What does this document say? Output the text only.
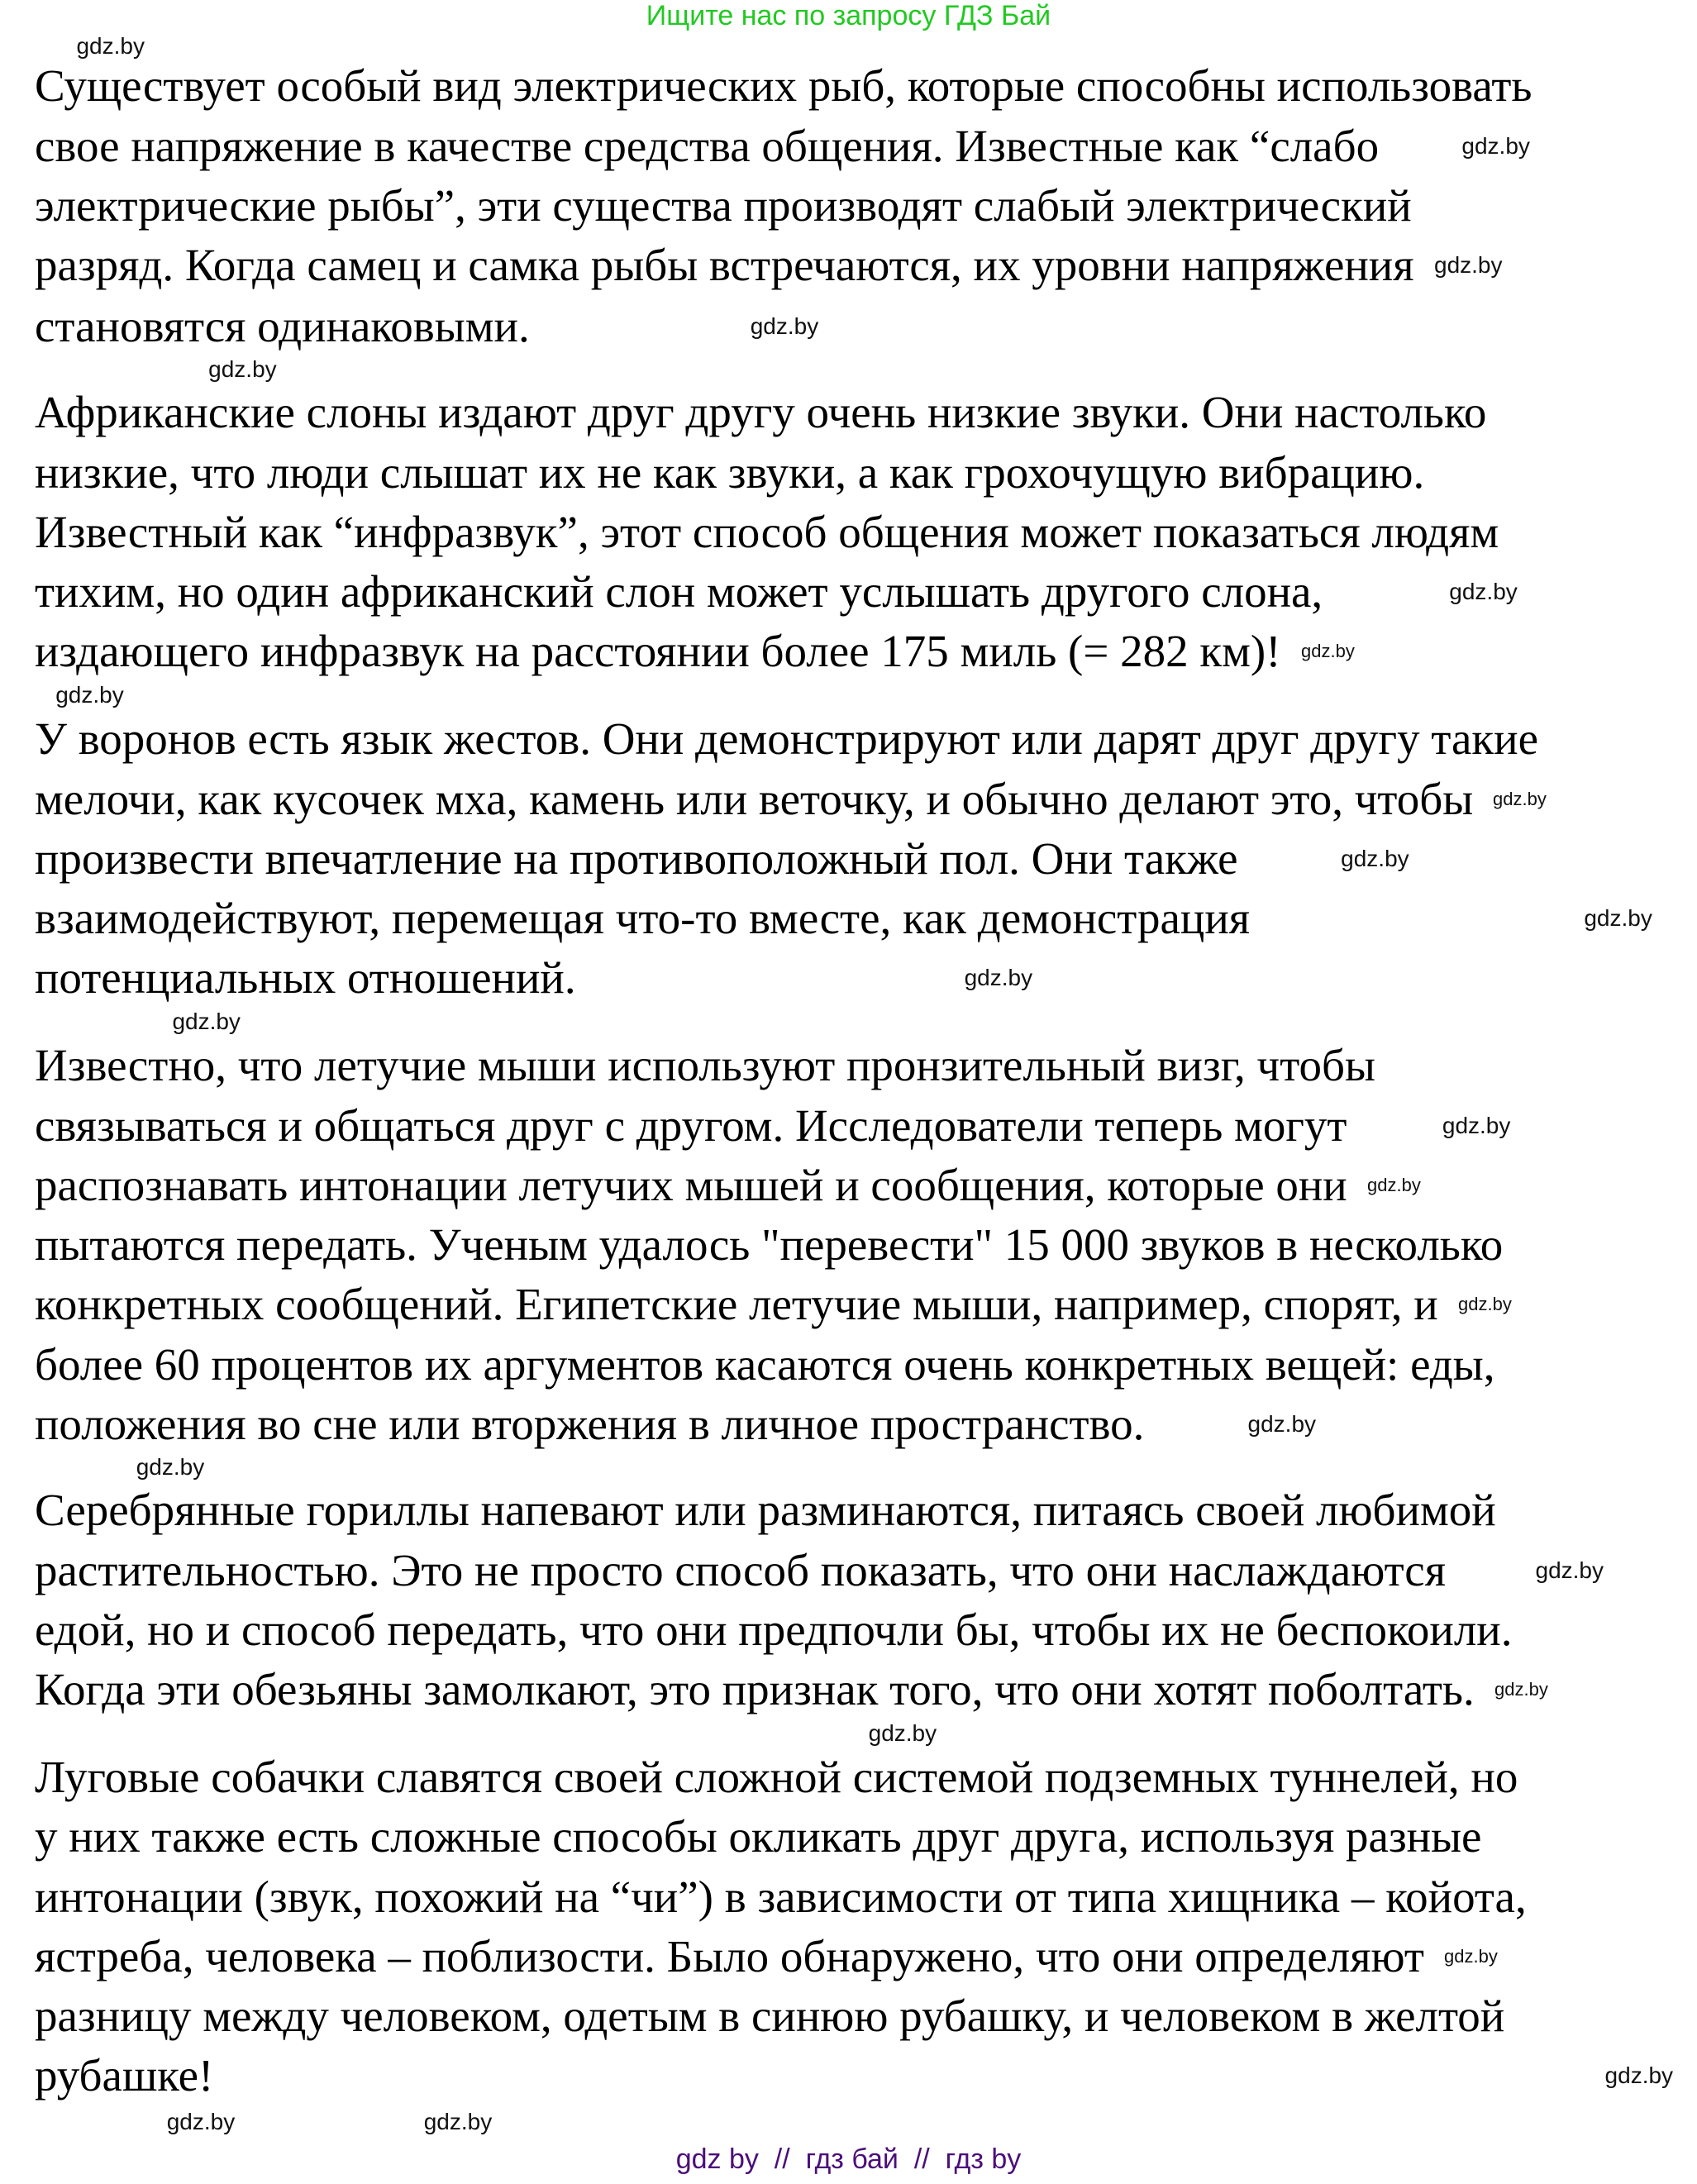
Ищите нас по запросу ГДЗ Бай
Существует особый вид электрических рыб, которые способны использовать
свое напряжение в качестве средства общения. Известные как “слабо
электрические рыбы”, эти существа производят слабый электрический
разряд. Когда самец и самка рыбы встречаются, их уровни напряжения
становятся одинаковыми.
Африканские слоны издают друг другу очень низкие звуки. Они настолько
низкие, что люди слышат их не как звуки, а как грохочущую вибрацию.
Известный как “инфразвук”, этот способ общения может показаться людям
тихим, но один африканский слон может услышать другого слона,
издающего инфразвук на расстоянии более 175 миль (= 282 км)!
У воронов есть язык жестов. Они демонстрируют или дарят друг другу такие
мелочи, как кусочек мха, камень или веточку, и обычно делают это, чтобы
произвести впечатление на противоположный пол. Они также
взаимодействуют, перемещая что-то вместе, как демонстрация
потенциальных отношений.
Известно, что летучие мыши используют пронзительный визг, чтобы
связываться и общаться друг с другом. Исследователи теперь могут
распознавать интонации летучих мышей и сообщения, которые они
пытаются передать. Ученым удалось "перевести" 15 000 звуков в несколько
конкретных сообщений. Египетские летучие мыши, например, спорят, и
более 60 процентов их аргументов касаются очень конкретных вещей: еды,
положения во сне или вторжения в личное пространство.
Серебрянные гориллы напевают или разминаются, питаясь своей любимой
растительностью. Это не просто способ показать, что они наслаждаются
едой, но и способ передать, что они предпочли бы, чтобы их не беспокоили.
Когда эти обезьяны замолкают, это признак того, что они хотят поболтать.
Луговые собачки славятся своей сложной системой подземных туннелей, но
у них также есть сложные способы окликать друг друга, используя разные
интонации (звук, похожий на “чи”) в зависимости от типа хищника – койота,
ястреба, человека – поблизости. Было обнаружено, что они определяют
разницу между человеком, одетым в синюю рубашку, и человеком в желтой
рубашке!
gdz.by
gdz.by
gdz.by
gdz.by
gdz.by
gdz.by
gdz.by
gdz.by
gdz.by
gdz.by
gdz.by
gdz.by
gdz.by
gdz.by
gdz.by
gdz.by
gdz.by
gdz.by
gdz.by
gdz.by
gdz.by
gdz.by
gdz.by
gdz.by
gdz.by
gdz by  //  гдз бай  //  гдз by
